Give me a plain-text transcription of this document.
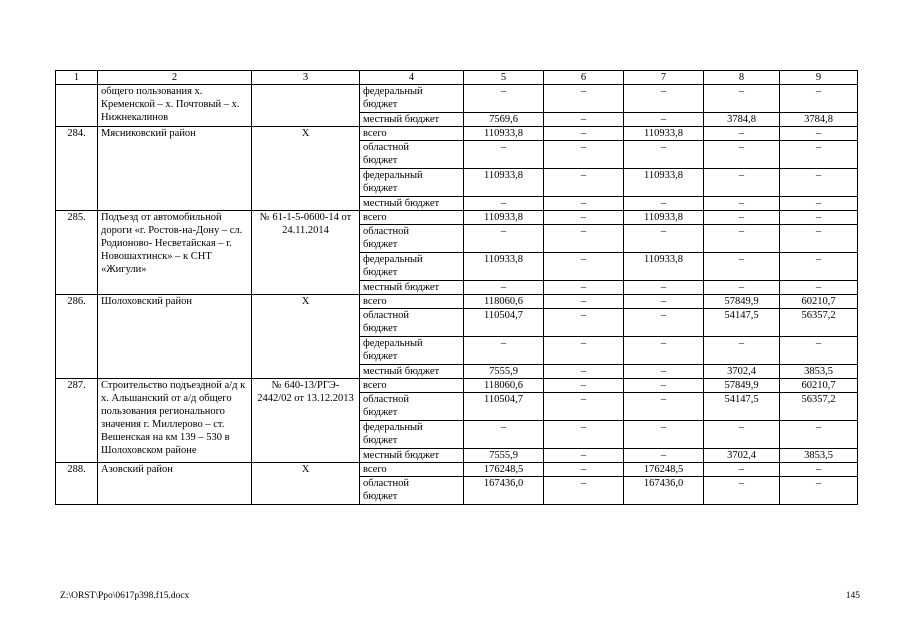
1	2	3	4	5	6	7	8	9
	общего пользования х. Кременской – х. Почтовый – х. Нижнекалинов		федеральный
бюджет	–	–	–	–	–
			местный бюджет	7569,6	–	–	3784,8	3784,8
284.	Мясниковский район	Х	всего	110933,8	–	110933,8	–	–
			областной
бюджет	–	–	–	–	–
			федеральный
бюджет	110933,8	–	110933,8	–	–
			местный бюджет	–	–	–	–	–
285.	Подъезд от автомобильной дороги «г. Ростов-на-Дону – сл. Родионово- Несветайская – г. Новошахтинск» – к СНТ «Жигули»	№ 61-1-5-0600-14 от 24.11.2014	всего	110933,8	–	110933,8	–	–
			областной
бюджет	–	–	–	–	–
			федеральный
бюджет	110933,8	–	110933,8	–	–
			местный бюджет	–	–	–	–	–
286.	Шолоховский район	Х	всего	118060,6	–	–	57849,9	60210,7
			областной
бюджет	110504,7	–	–	54147,5	56357,2
			федеральный
бюджет	–	–	–	–	–
			местный бюджет	7555,9	–	–	3702,4	3853,5
287.	Строительство подъездной а/д к х. Альшанский от а/д общего пользования регионального значения г. Миллерово – ст. Вешенская на км 139 – 530 в Шолоховском районе	№ 640-13/РГЭ- 2442/02 от 13.12.2013	всего	118060,6	–	–	57849,9	60210,7
			областной
бюджет	110504,7	–	–	54147,5	56357,2
			федеральный
бюджет	–	–	–	–	–
			местный бюджет	7555,9	–	–	3702,4	3853,5
288.	Азовский район	Х	всего	176248,5	–	176248,5	–	–
			областной
бюджет	167436,0	–	167436,0	–	–
Z:\ORST\Ppo\0617p398.f15.docx	145
